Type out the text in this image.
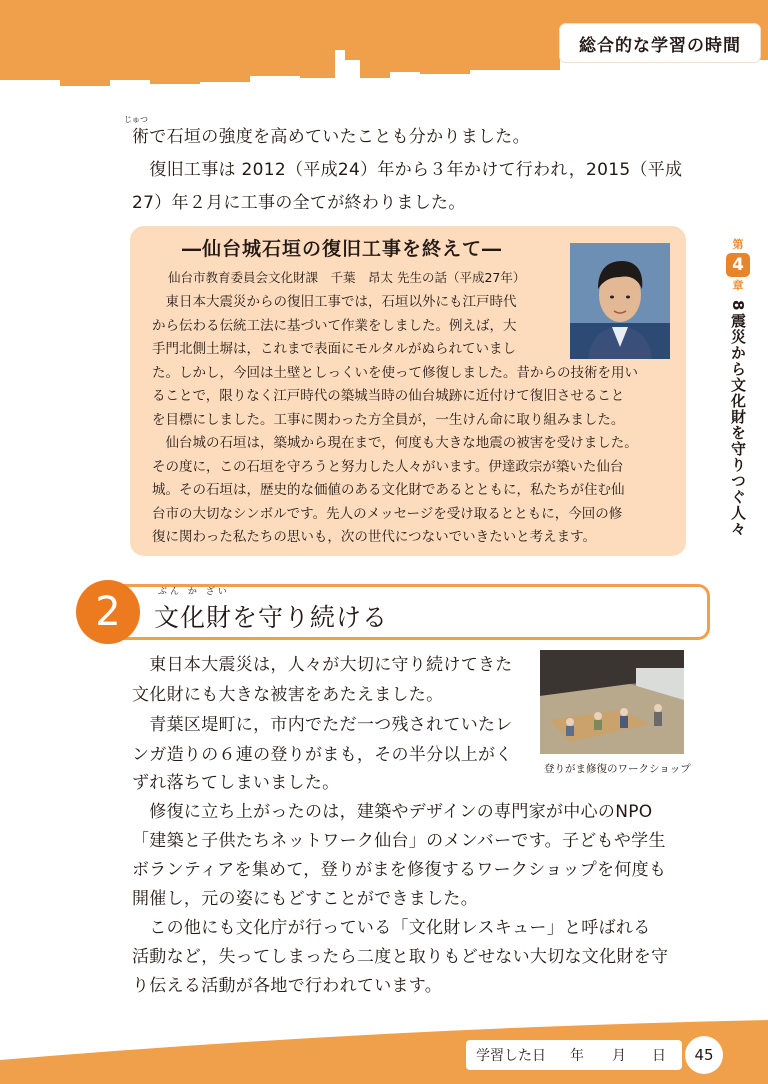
総合的な学習の時間
術で石垣の強度を高めていたことも分かりました。
じゅつ
　復旧工事は 2012（平成24）年から３年かけて行われ，2015（平成
27）年２月に工事の全てが終わりました。
―仙台城石垣の復旧工事を終えて―
仙台市教育委員会文化財課　千葉　昂太 先生の話（平成27年）
　東日本大震災からの復旧工事では，石垣以外にも江戸時代
から伝わる伝統工法に基づいて作業をしました。例えば，大
手門北側土塀は，これまで表面にモルタルがぬられていまし
た。しかし，今回は土壁としっくいを使って修復しました。昔からの技術を用い
ることで，限りなく江戸時代の築城当時の仙台城跡に近付けて復旧させること
を目標にしました。工事に関わった方全員が，一生けん命に取り組みました。
　仙台城の石垣は，築城から現在まで，何度も大きな地震の被害を受けました。
その度に，この石垣を守ろうと努力した人々がいます。伊達政宗が築いた仙台
城。その石垣は，歴史的な価値のある文化財であるとともに，私たちが住む仙
台市の大切なシンボルです。先人のメッセージを受け取るとともに，今回の修
復に関わった私たちの思いも，次の世代につないでいきたいと考えます。
第
4
章
8
震災から文化財を守りつぐ人々
2	ぶん か ざい
文化財を守り続ける
　東日本大震災は，人々が大切に守り続けてきた
文化財にも大きな被害をあたえました。
　青葉区堤町に，市内でただ一つ残されていたレ
ンガ造りの６連の登りがまも，その半分以上がく
ずれ落ちてしまいました。
　修復に立ち上がったのは，建築やデザインの専門家が中心のNPO
「建築と子供たちネットワーク仙台」のメンバーです。子どもや学生
ボランティアを集めて，登りがまを修復するワークショップを何度も
開催し，元の姿にもどすことができました。
　この他にも文化庁が行っている「文化財レスキュー」と呼ばれる
活動など，失ってしまったら二度と取りもどせない大切な文化財を守
り伝える活動が各地で行われています。
登りがま修復のワークショップ
学習した日 年 月 日	45
